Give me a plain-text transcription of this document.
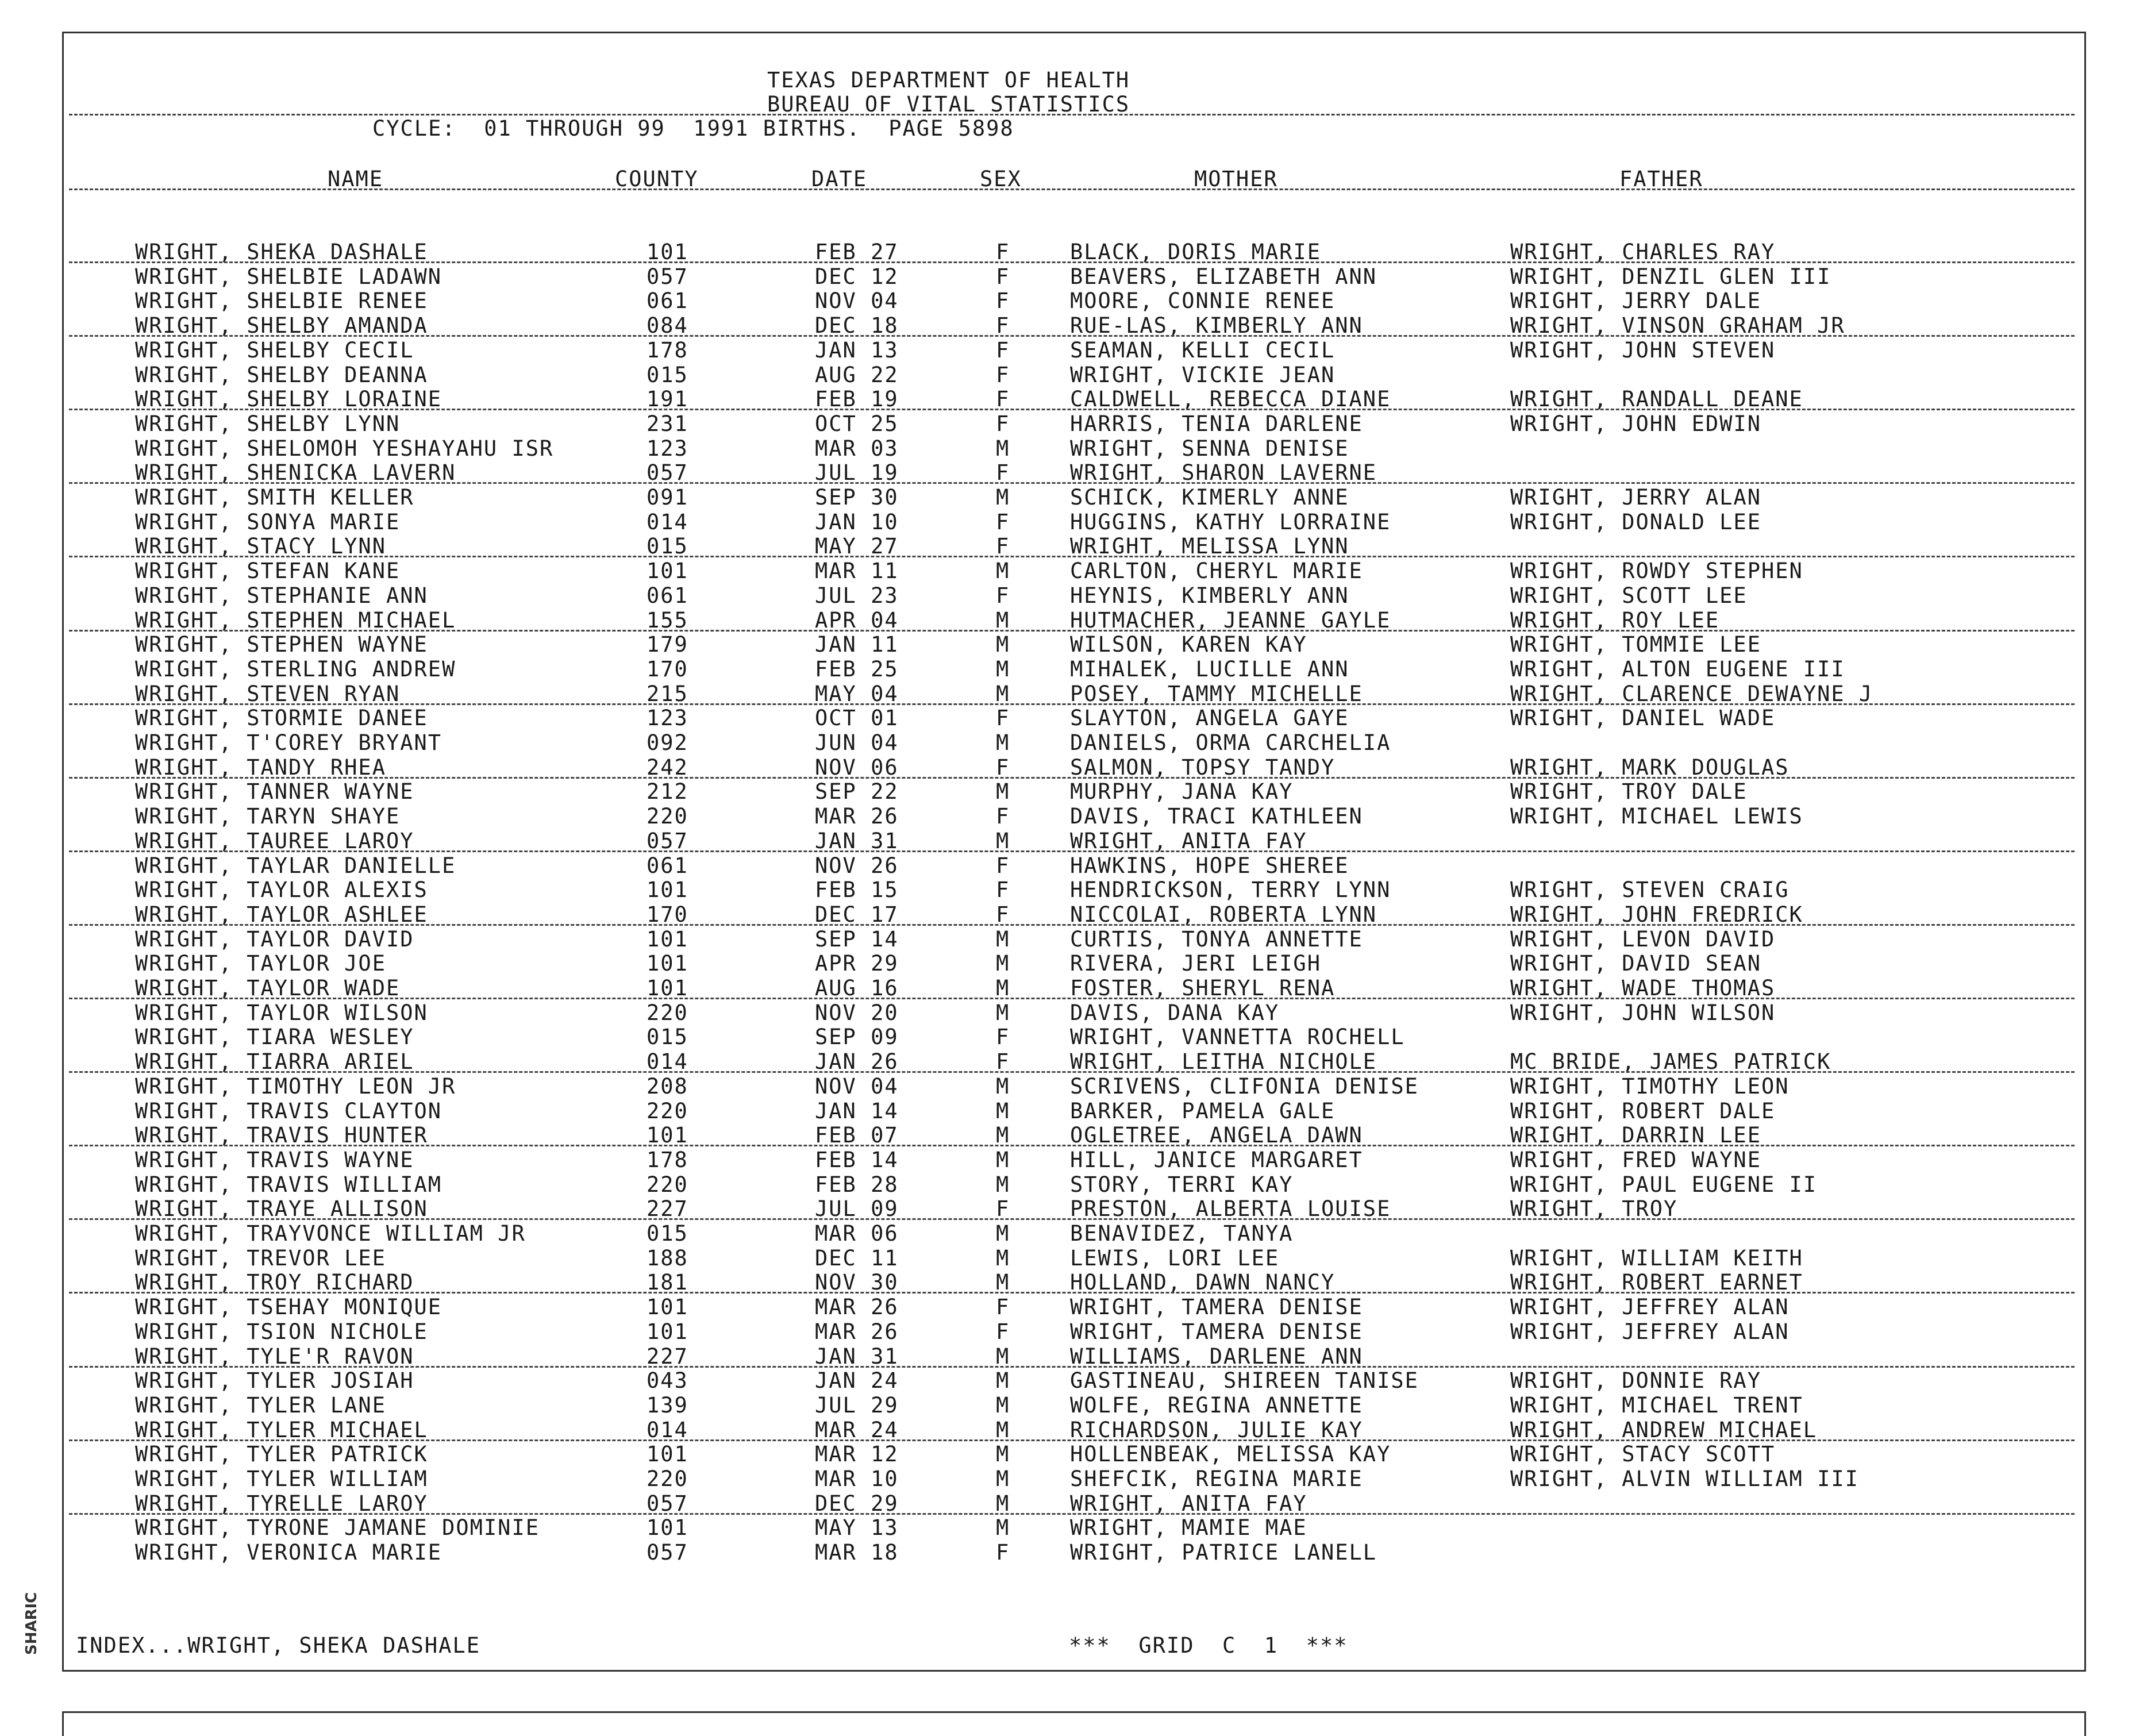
TEXAS DEPARTMENT OF HEALTH
BUREAU OF VITAL STATISTICS
CYCLE:  01 THROUGH 99  1991 BIRTHS.  PAGE 5898
NAME	COUNTY	DATE	SEX	MOTHER	FATHER
WRIGHT, SHEKA DASHALE	101	FEB 27	F	BLACK, DORIS MARIE	WRIGHT, CHARLES RAY
WRIGHT, SHELBIE LADAWN	057	DEC 12	F	BEAVERS, ELIZABETH ANN	WRIGHT, DENZIL GLEN III
WRIGHT, SHELBIE RENEE	061	NOV 04	F	MOORE, CONNIE RENEE	WRIGHT, JERRY DALE
WRIGHT, SHELBY AMANDA	084	DEC 18	F	RUE-LAS, KIMBERLY ANN	WRIGHT, VINSON GRAHAM JR
WRIGHT, SHELBY CECIL	178	JAN 13	F	SEAMAN, KELLI CECIL	WRIGHT, JOHN STEVEN
WRIGHT, SHELBY DEANNA	015	AUG 22	F	WRIGHT, VICKIE JEAN
WRIGHT, SHELBY LORAINE	191	FEB 19	F	CALDWELL, REBECCA DIANE	WRIGHT, RANDALL DEANE
WRIGHT, SHELBY LYNN	231	OCT 25	F	HARRIS, TENIA DARLENE	WRIGHT, JOHN EDWIN
WRIGHT, SHELOMOH YESHAYAHU ISR	123	MAR 03	M	WRIGHT, SENNA DENISE
WRIGHT, SHENICKA LAVERN	057	JUL 19	F	WRIGHT, SHARON LAVERNE
WRIGHT, SMITH KELLER	091	SEP 30	M	SCHICK, KIMERLY ANNE	WRIGHT, JERRY ALAN
WRIGHT, SONYA MARIE	014	JAN 10	F	HUGGINS, KATHY LORRAINE	WRIGHT, DONALD LEE
WRIGHT, STACY LYNN	015	MAY 27	F	WRIGHT, MELISSA LYNN
WRIGHT, STEFAN KANE	101	MAR 11	M	CARLTON, CHERYL MARIE	WRIGHT, ROWDY STEPHEN
WRIGHT, STEPHANIE ANN	061	JUL 23	F	HEYNIS, KIMBERLY ANN	WRIGHT, SCOTT LEE
WRIGHT, STEPHEN MICHAEL	155	APR 04	M	HUTMACHER, JEANNE GAYLE	WRIGHT, ROY LEE
WRIGHT, STEPHEN WAYNE	179	JAN 11	M	WILSON, KAREN KAY	WRIGHT, TOMMIE LEE
WRIGHT, STERLING ANDREW	170	FEB 25	M	MIHALEK, LUCILLE ANN	WRIGHT, ALTON EUGENE III
WRIGHT, STEVEN RYAN	215	MAY 04	M	POSEY, TAMMY MICHELLE	WRIGHT, CLARENCE DEWAYNE J
WRIGHT, STORMIE DANEE	123	OCT 01	F	SLAYTON, ANGELA GAYE	WRIGHT, DANIEL WADE
WRIGHT, T'COREY BRYANT	092	JUN 04	M	DANIELS, ORMA CARCHELIA
WRIGHT, TANDY RHEA	242	NOV 06	F	SALMON, TOPSY TANDY	WRIGHT, MARK DOUGLAS
WRIGHT, TANNER WAYNE	212	SEP 22	M	MURPHY, JANA KAY	WRIGHT, TROY DALE
WRIGHT, TARYN SHAYE	220	MAR 26	F	DAVIS, TRACI KATHLEEN	WRIGHT, MICHAEL LEWIS
WRIGHT, TAUREE LAROY	057	JAN 31	M	WRIGHT, ANITA FAY
WRIGHT, TAYLAR DANIELLE	061	NOV 26	F	HAWKINS, HOPE SHEREE
WRIGHT, TAYLOR ALEXIS	101	FEB 15	F	HENDRICKSON, TERRY LYNN	WRIGHT, STEVEN CRAIG
WRIGHT, TAYLOR ASHLEE	170	DEC 17	F	NICCOLAI, ROBERTA LYNN	WRIGHT, JOHN FREDRICK
WRIGHT, TAYLOR DAVID	101	SEP 14	M	CURTIS, TONYA ANNETTE	WRIGHT, LEVON DAVID
WRIGHT, TAYLOR JOE	101	APR 29	M	RIVERA, JERI LEIGH	WRIGHT, DAVID SEAN
WRIGHT, TAYLOR WADE	101	AUG 16	M	FOSTER, SHERYL RENA	WRIGHT, WADE THOMAS
WRIGHT, TAYLOR WILSON	220	NOV 20	M	DAVIS, DANA KAY	WRIGHT, JOHN WILSON
WRIGHT, TIARA WESLEY	015	SEP 09	F	WRIGHT, VANNETTA ROCHELL
WRIGHT, TIARRA ARIEL	014	JAN 26	F	WRIGHT, LEITHA NICHOLE	MC BRIDE, JAMES PATRICK
WRIGHT, TIMOTHY LEON JR	208	NOV 04	M	SCRIVENS, CLIFONIA DENISE	WRIGHT, TIMOTHY LEON
WRIGHT, TRAVIS CLAYTON	220	JAN 14	M	BARKER, PAMELA GALE	WRIGHT, ROBERT DALE
WRIGHT, TRAVIS HUNTER	101	FEB 07	M	OGLETREE, ANGELA DAWN	WRIGHT, DARRIN LEE
WRIGHT, TRAVIS WAYNE	178	FEB 14	M	HILL, JANICE MARGARET	WRIGHT, FRED WAYNE
WRIGHT, TRAVIS WILLIAM	220	FEB 28	M	STORY, TERRI KAY	WRIGHT, PAUL EUGENE II
WRIGHT, TRAYE ALLISON	227	JUL 09	F	PRESTON, ALBERTA LOUISE	WRIGHT, TROY
WRIGHT, TRAYVONCE WILLIAM JR	015	MAR 06	M	BENAVIDEZ, TANYA
WRIGHT, TREVOR LEE	188	DEC 11	M	LEWIS, LORI LEE	WRIGHT, WILLIAM KEITH
WRIGHT, TROY RICHARD	181	NOV 30	M	HOLLAND, DAWN NANCY	WRIGHT, ROBERT EARNET
WRIGHT, TSEHAY MONIQUE	101	MAR 26	F	WRIGHT, TAMERA DENISE	WRIGHT, JEFFREY ALAN
WRIGHT, TSION NICHOLE	101	MAR 26	F	WRIGHT, TAMERA DENISE	WRIGHT, JEFFREY ALAN
WRIGHT, TYLE'R RAVON	227	JAN 31	M	WILLIAMS, DARLENE ANN
WRIGHT, TYLER JOSIAH	043	JAN 24	M	GASTINEAU, SHIREEN TANISE	WRIGHT, DONNIE RAY
WRIGHT, TYLER LANE	139	JUL 29	M	WOLFE, REGINA ANNETTE	WRIGHT, MICHAEL TRENT
WRIGHT, TYLER MICHAEL	014	MAR 24	M	RICHARDSON, JULIE KAY	WRIGHT, ANDREW MICHAEL
WRIGHT, TYLER PATRICK	101	MAR 12	M	HOLLENBEAK, MELISSA KAY	WRIGHT, STACY SCOTT
WRIGHT, TYLER WILLIAM	220	MAR 10	M	SHEFCIK, REGINA MARIE	WRIGHT, ALVIN WILLIAM III
WRIGHT, TYRELLE LAROY	057	DEC 29	M	WRIGHT, ANITA FAY
WRIGHT, TYRONE JAMANE DOMINIE	101	MAY 13	M	WRIGHT, MAMIE MAE
WRIGHT, VERONICA MARIE	057	MAR 18	F	WRIGHT, PATRICE LANELL
INDEX...WRIGHT, SHEKA DASHALE	***  GRID  C  1  ***
SHARIC
